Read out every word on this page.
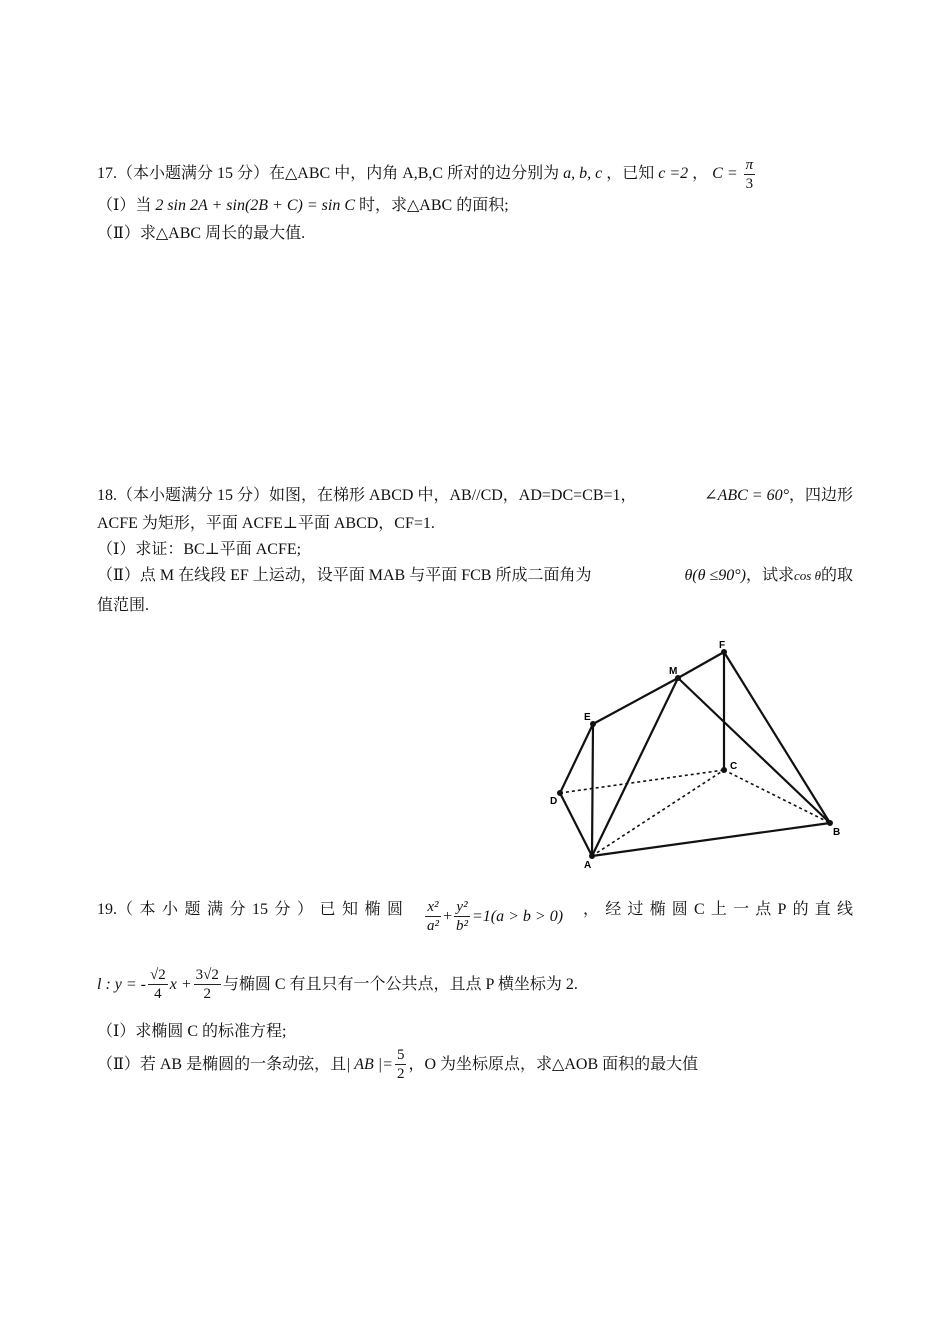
17.（本小题满分 15 分）在△ABC 中，内角 A,B,C 所对的边分别为 a, b, c ，已知 c =2 ， $C = \frac{\pi}{3}$
（Ⅰ）当 2 sin 2A + sin(2B + C) = sin C 时，求△ABC 的面积;
（Ⅱ）求△ABC 周长的最大值.
18.（本小题满分 15 分）如图，在梯形 ABCD 中，AB//CD，AD=DC=CB=1，	∠ABC = 60°，四边形
ACFE 为矩形，平面 ACFE⊥平面 ABCD，CF=1.
（Ⅰ）求证：BC⊥平面 ACFE;
（Ⅱ）点 M 在线段 EF 上运动，设平面 MAB 与平面 FCB 所成二面角为	θ(θ ≤90°)，试求cos θ的取
值范围.
F
M
E
C
D
B
A
19.（ 本 小 题 满 分 15 分 ） 已 知 椭 圆 $\frac{\text{x²}}{\text{a²}} + \frac{\text{y²}}{\text{b²}} =1(a > b > 0)$ ， 经 过 椭 圆 C 上 一 点 P 的 直 线
l : y = - $\frac{√2}{4}$ $x + \frac{3√2}{2}$ 与椭圆 C 有且只有一个公共点，且点 P 横坐标为 2.
（Ⅰ）求椭圆 C 的标准方程;
（Ⅱ）若 AB 是椭圆的一条动弦，且 | AB |= $\frac{5}{2}$ ，O 为坐标原点，求△AOB 面积的最大值
